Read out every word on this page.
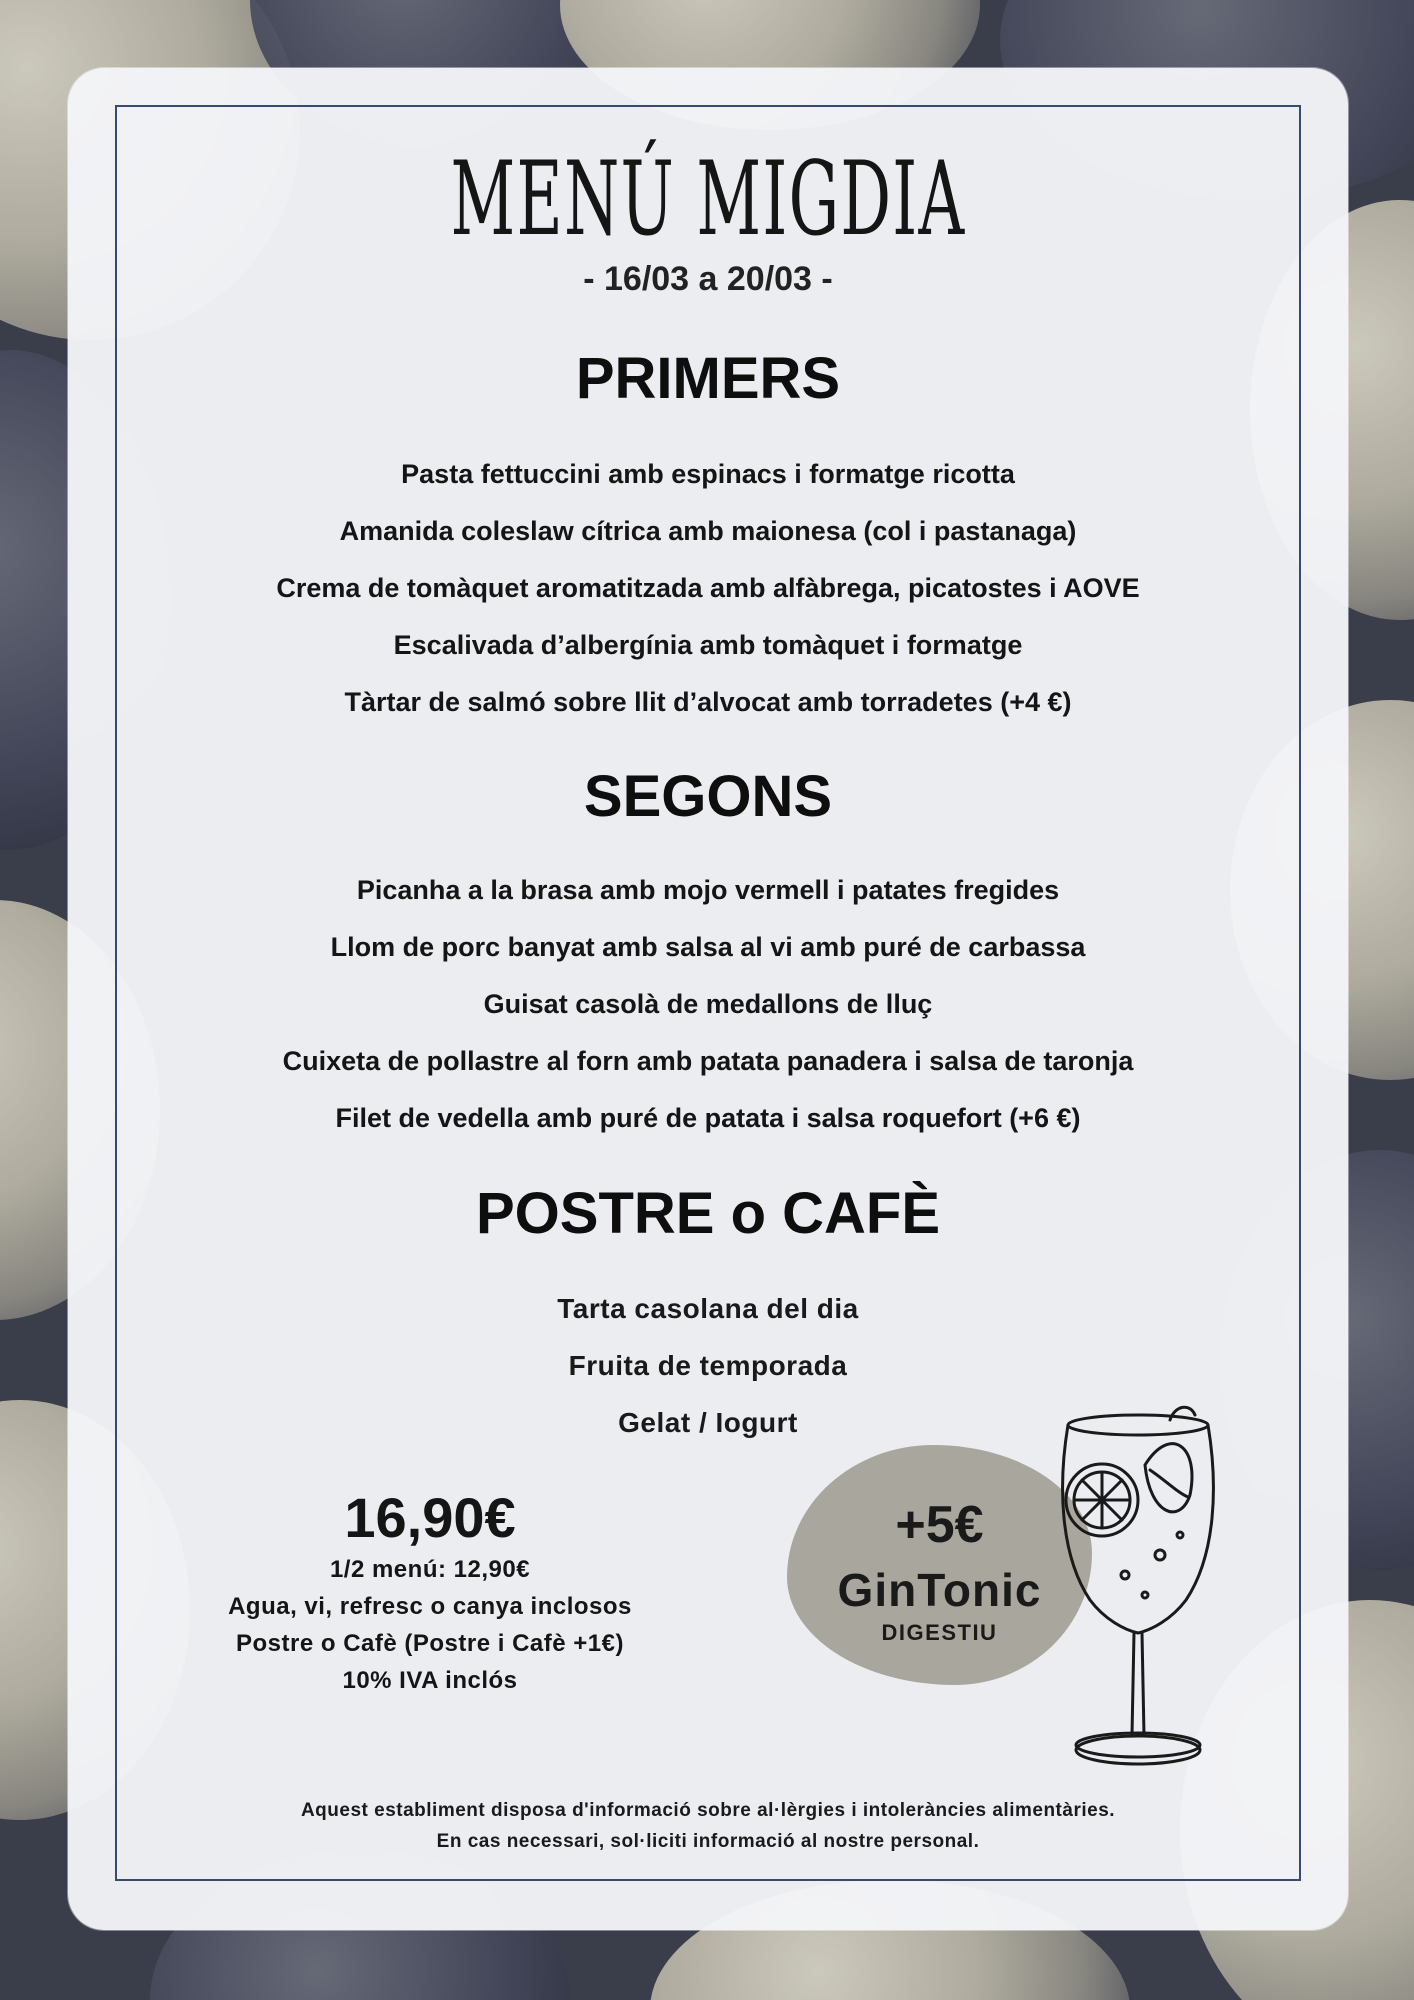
MENÚ MIGDIA
- 16/03 a 20/03 -
PRIMERS
Pasta fettuccini amb espinacs i formatge ricotta
Amanida coleslaw cítrica amb maionesa (col i pastanaga)
Crema de tomàquet aromatitzada amb alfàbrega, picatostes i AOVE
Escalivada d’albergínia amb tomàquet i formatge
Tàrtar de salmó sobre llit d’alvocat amb torradetes (+4 €)
SEGONS
Picanha a la brasa amb mojo vermell i patates fregides
Llom de porc banyat amb salsa al vi amb puré de carbassa
Guisat casolà de medallons de lluç
Cuixeta de pollastre al forn amb patata panadera i salsa de taronja
Filet de vedella amb puré de patata i salsa roquefort (+6 €)
POSTRE o CAFÈ
Tarta casolana del dia
Fruita de temporada
Gelat / Iogurt
16,90€
1/2 menú: 12,90€
Agua, vi, refresc o canya inclosos
Postre o Cafè (Postre i Cafè +1€)
10% IVA inclós
+5€
GinTonic
DIGESTIU
Aquest establiment disposa d'informació sobre al·lèrgies i intoleràncies alimentàries.
En cas necessari, sol·liciti informació al nostre personal.
